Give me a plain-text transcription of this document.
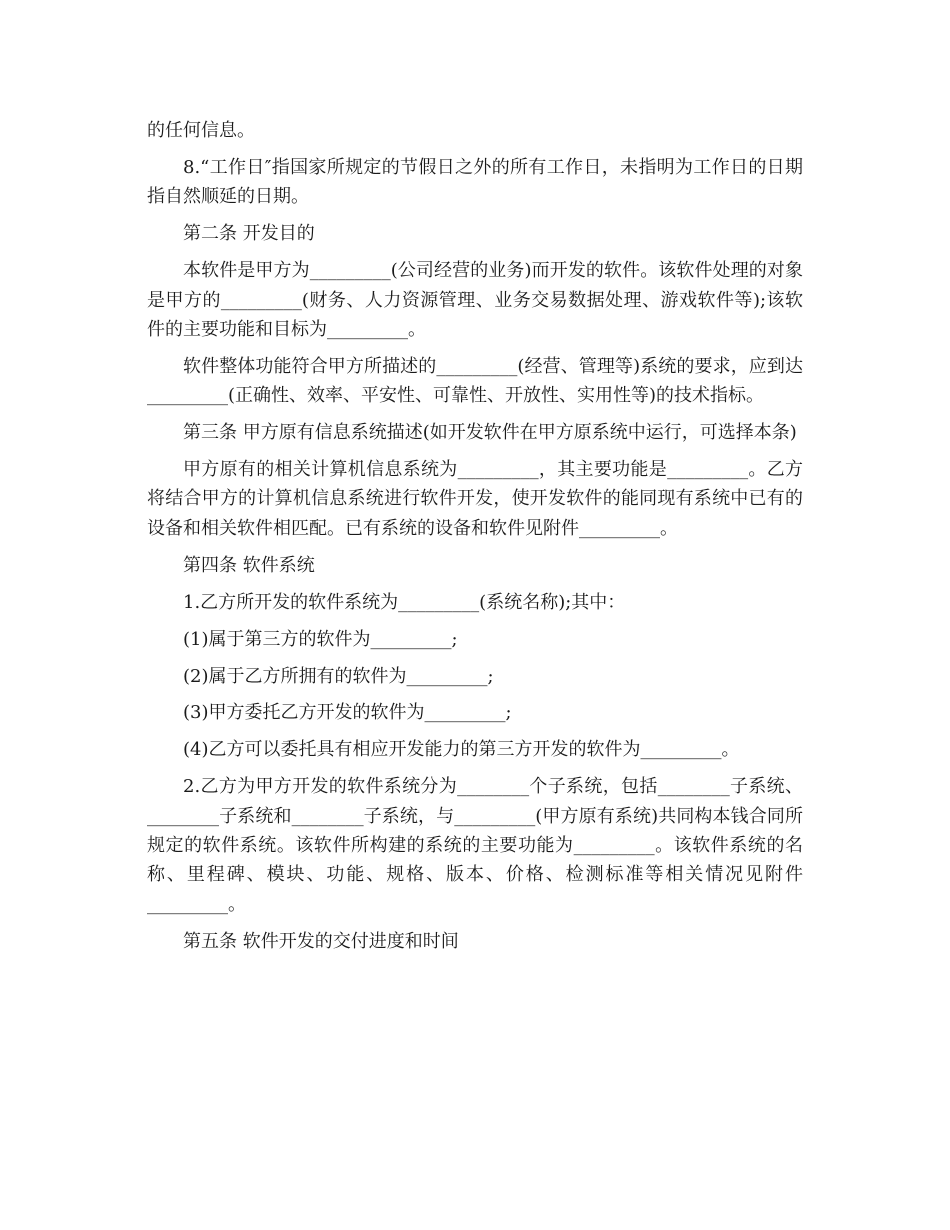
的任何信息。

8.“工作日″指国家所规定的节假日之外的所有工作日，未指明为工作日的日期指自然顺延的日期。

第二条 开发目的

本软件是甲方为_________(公司经营的业务)而开发的软件。该软件处理的对象是甲方的_________(财务、人力资源管理、业务交易数据处理、游戏软件等);该软件的主要功能和目标为_________。

软件整体功能符合甲方所描述的_________(经营、管理等)系统的要求，应到达_________(正确性、效率、平安性、可靠性、开放性、实用性等)的技术指标。

第三条 甲方原有信息系统描述(如开发软件在甲方原系统中运行，可选择本条)

甲方原有的相关计算机信息系统为_________，其主要功能是_________。乙方将结合甲方的计算机信息系统进行软件开发，使开发软件的能同现有系统中已有的设备和相关软件相匹配。已有系统的设备和软件见附件_________。

第四条 软件系统

1.乙方所开发的软件系统为_________(系统名称);其中：

(1)属于第三方的软件为_________;

(2)属于乙方所拥有的软件为_________;

(3)甲方委托乙方开发的软件为_________;

(4)乙方可以委托具有相应开发能力的第三方开发的软件为_________。

2.乙方为甲方开发的软件系统分为________个子系统，包括________子系统、________子系统和________子系统，与_________(甲方原有系统)共同构本钱合同所规定的软件系统。该软件所构建的系统的主要功能为_________。该软件系统的名称、里程碑、模块、功能、规格、版本、价格、检测标准等相关情况见附件_________。

第五条 软件开发的交付进度和时间
